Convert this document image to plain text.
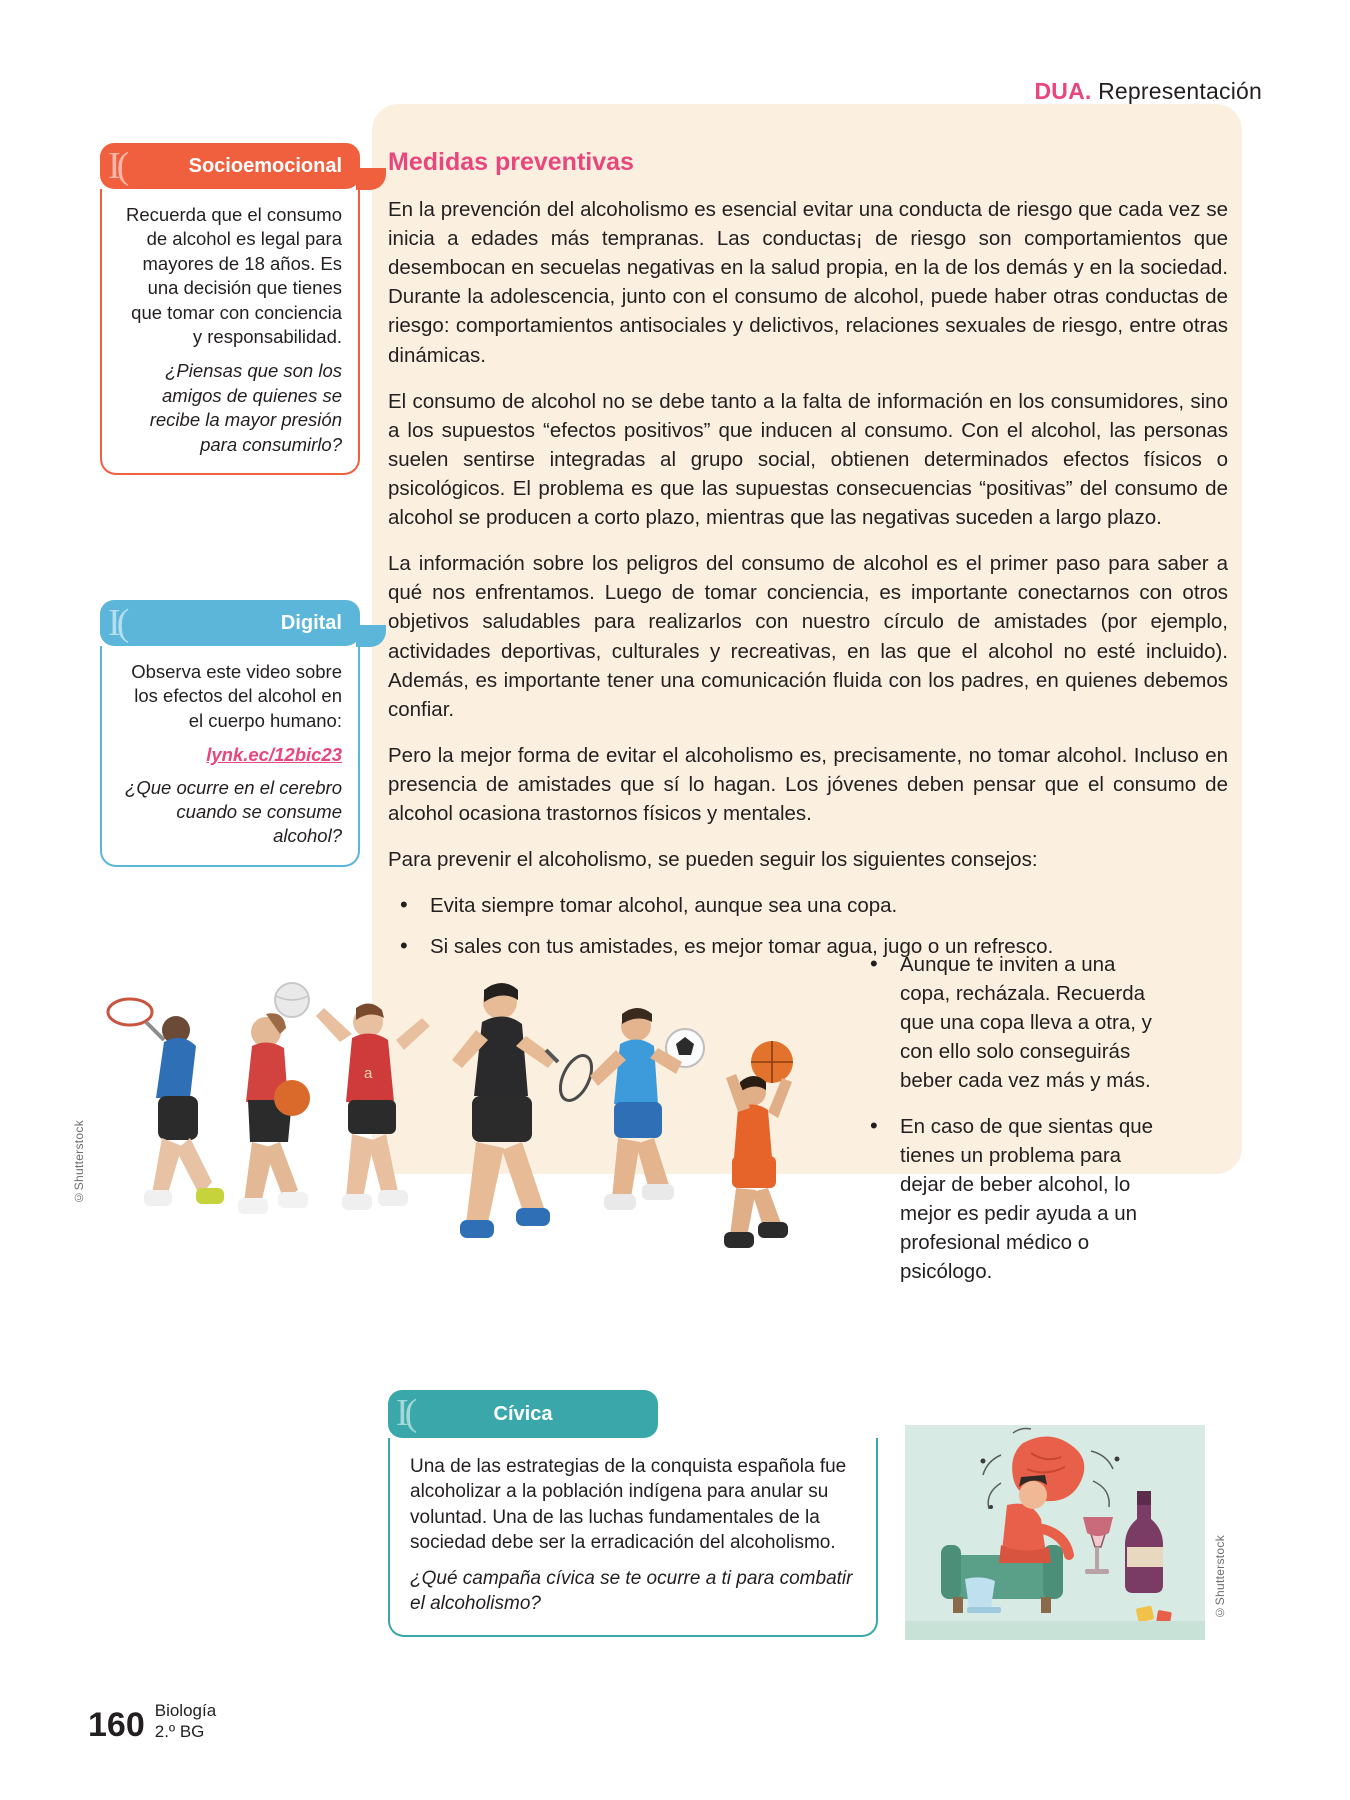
DUA. Representación
Medidas preventivas

En la prevención del alcoholismo es esencial evitar una conducta de riesgo que cada vez se inicia a edades más tempranas. Las conductas¡ de riesgo son comportamientos que desembocan en secuelas negativas en la salud propia, en la de los demás y en la sociedad. Durante la adolescencia, junto con el consumo de alcohol, puede haber otras conductas de riesgo: comportamientos antisociales y delictivos, relaciones sexuales de riesgo, entre otras dinámicas.

El consumo de alcohol no se debe tanto a la falta de información en los consumidores, sino a los supuestos “efectos positivos” que inducen al consumo. Con el alcohol, las personas suelen sentirse integradas al grupo social, obtienen determinados efectos físicos o psicológicos. El problema es que las supuestas consecuencias “positivas” del consumo de alcohol se producen a corto plazo, mientras que las negativas suceden a largo plazo.

La información sobre los peligros del consumo de alcohol es el primer paso para saber a qué nos enfrentamos. Luego de tomar conciencia, es importante conectarnos con otros objetivos saludables para realizarlos con nuestro círculo de amistades (por ejemplo, actividades deportivas, culturales y recreativas, en las que el alcohol no esté incluido). Además, es importante tener una comunicación fluida con los padres, en quienes debemos confiar.

Pero la mejor forma de evitar el alcoholismo es, precisamente, no tomar alcohol. Incluso en presencia de amistades que sí lo hagan. Los jóvenes deben pensar que el consumo de alcohol ocasiona trastornos físicos y mentales.

Para prevenir el alcoholismo, se pueden seguir los siguientes consejos:

• Evita siempre tomar alcohol, aunque sea una copa.
• Si sales con tus amistades, es mejor tomar agua, jugo o un refresco.
• Aunque te inviten a una copa, recházala. Recuerda que una copa lleva a otra, y con ello solo conseguirás beber cada vez más y más.
• En caso de que sientas que tienes un problema para dejar de beber alcohol, lo mejor es pedir ayuda a un profesional médico o psicólogo.
I(	Socioemocional

Recuerda que el consumo de alcohol es legal para mayores de 18 años. Es una decisión que tienes que tomar con conciencia y responsabilidad.

¿Piensas que son los amigos de quienes se recibe la mayor presión para consumirlo?

I(	Digital

Observa este video sobre los efectos del alcohol en el cuerpo humano:

lynk.ec/12bic23

¿Que ocurre en el cerebro cuando se consume alcohol?

a
©Shutterstock
I(	Cívica

Una de las estrategias de la conquista española fue alcoholizar a la población indígena para anular su voluntad. Una de las luchas fundamentales de la sociedad debe ser la erradicación del alcoholismo.

¿Qué campaña cívica se te ocurre a ti para combatir el alcoholismo?	©Shutterstock
160 Biología
2.º BG
